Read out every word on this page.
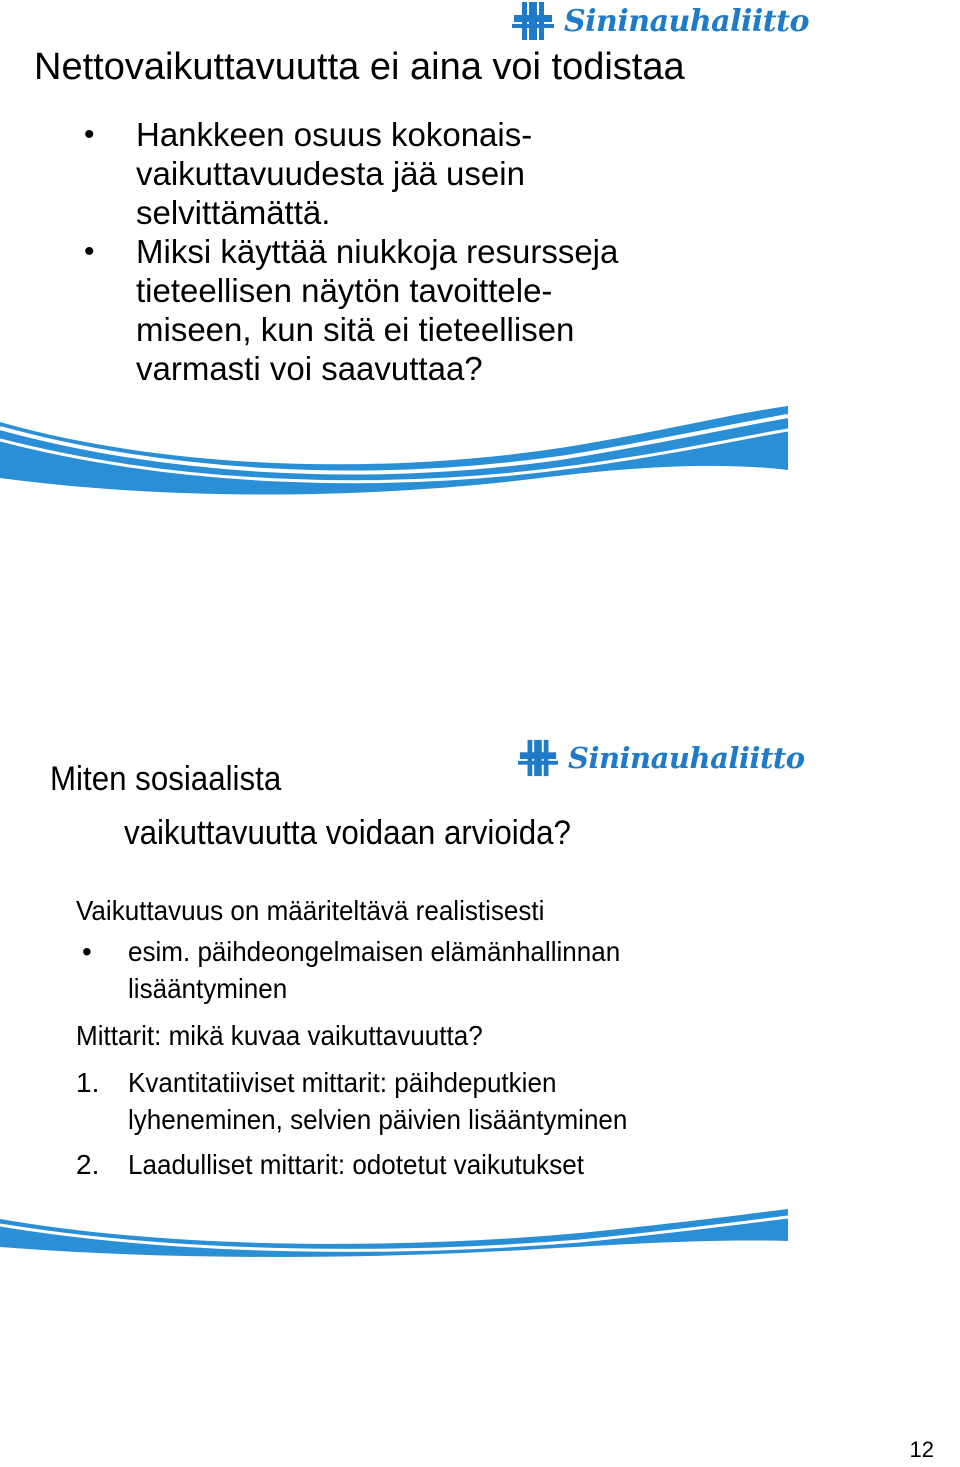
Sininauhaliitto
Nettovaikuttavuutta ei aina voi todistaa
• Hankkeen osuus kokonais-
vaikuttavuudesta jää usein
selvittämättä.
• Miksi käyttää niukkoja resursseja
tieteellisen näytön tavoittele-
miseen, kun sitä ei tieteellisen
varmasti voi saavuttaa?
Sininauhaliitto
Miten sosiaalista
vaikuttavuutta voidaan arvioida?
Vaikuttavuus on määriteltävä realistisesti
• esim. päihdeongelmaisen elämänhallinnan
lisääntyminen
Mittarit: mikä kuvaa vaikuttavuutta?
1. Kvantitatiiviset mittarit: päihdeputkien
lyheneminen, selvien päivien lisääntyminen
2. Laadulliset mittarit: odotetut vaikutukset
12
